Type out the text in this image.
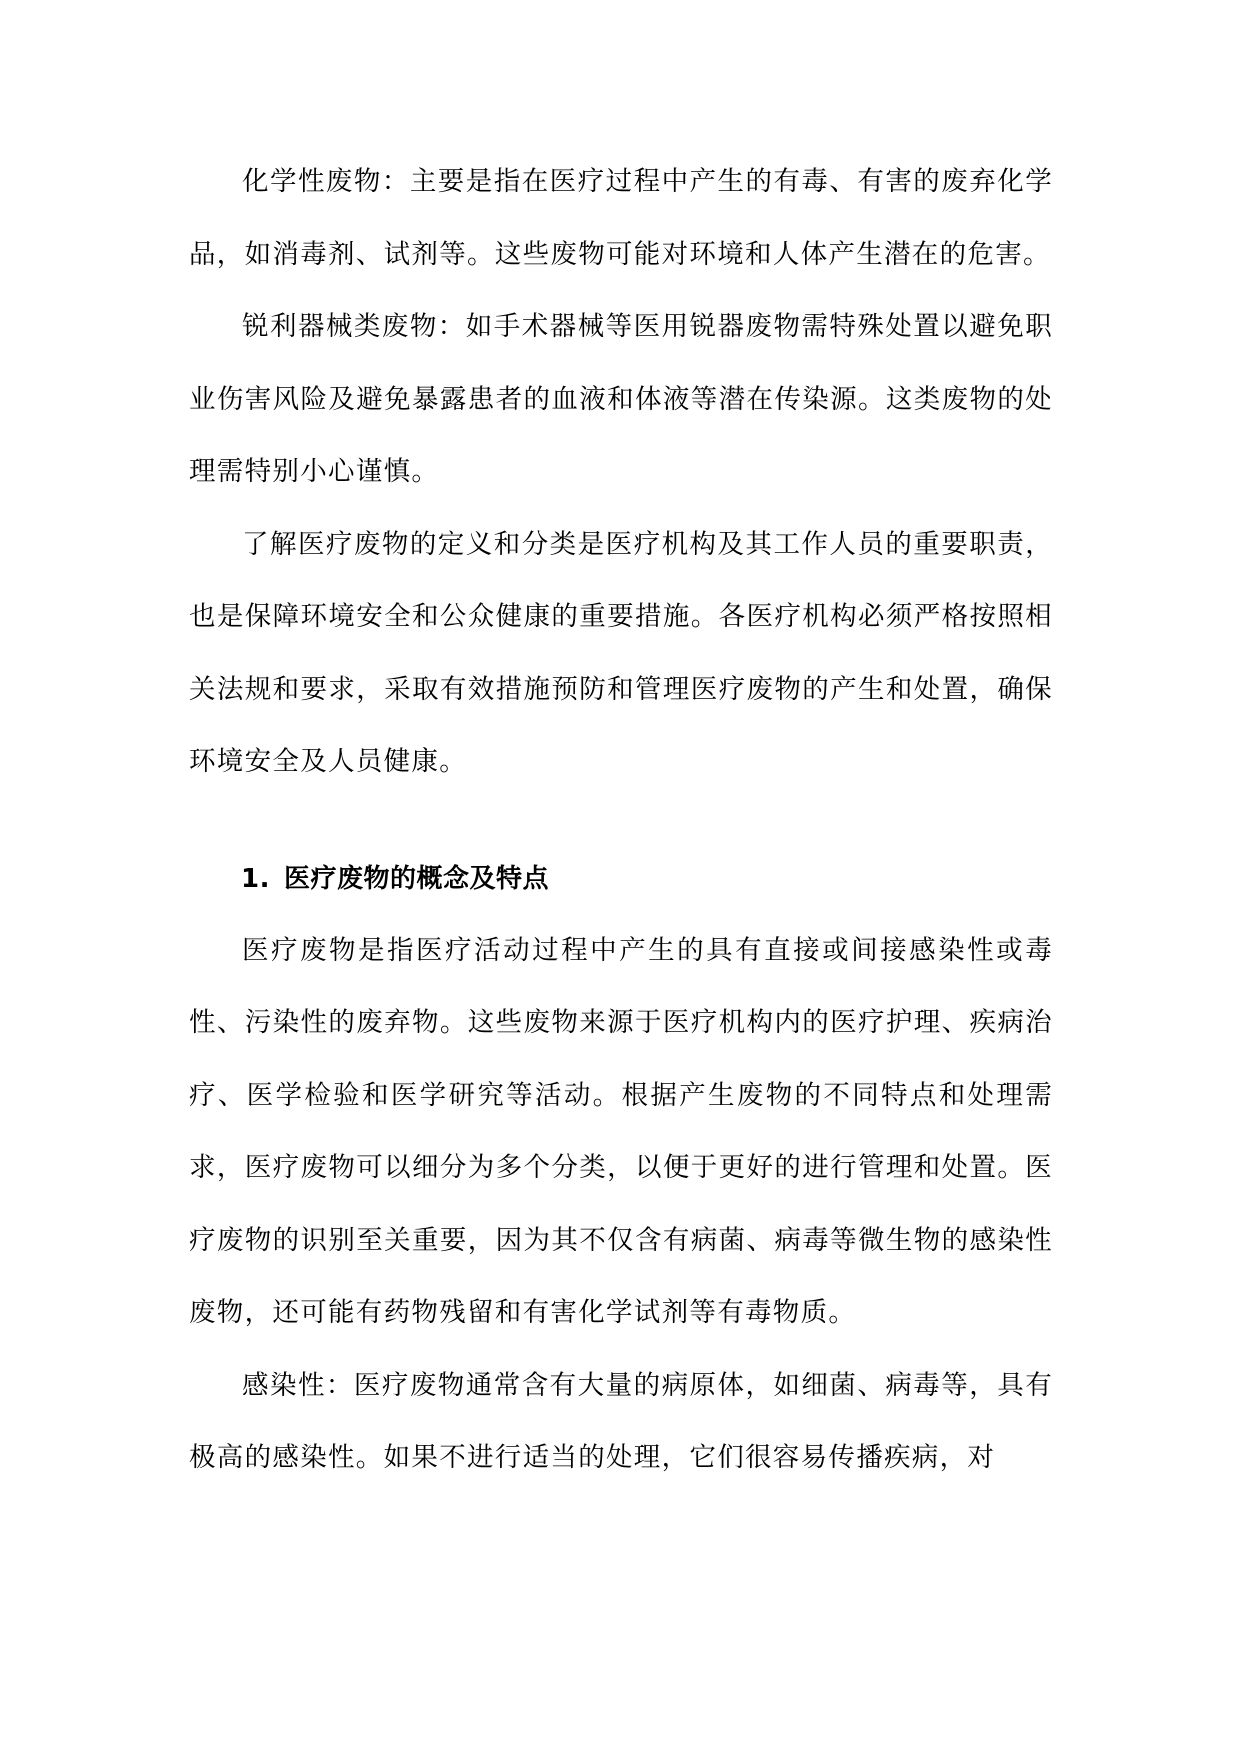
化学性废物：主要是指在医疗过程中产生的有毒、有害的废弃化学品，如消毒剂、试剂等。这些废物可能对环境和人体产生潜在的危害。

锐利器械类废物：如手术器械等医用锐器废物需特殊处置以避免职业伤害风险及避免暴露患者的血液和体液等潜在传染源。这类废物的处理需特别小心谨慎。

了解医疗废物的定义和分类是医疗机构及其工作人员的重要职责，也是保障环境安全和公众健康的重要措施。各医疗机构必须严格按照相关法规和要求，采取有效措施预防和管理医疗废物的产生和处置，确保环境安全及人员健康。

1. 医疗废物的概念及特点

医疗废物是指医疗活动过程中产生的具有直接或间接感染性或毒性、污染性的废弃物。这些废物来源于医疗机构内的医疗护理、疾病治疗、医学检验和医学研究等活动。根据产生废物的不同特点和处理需求，医疗废物可以细分为多个分类，以便于更好的进行管理和处置。医疗废物的识别至关重要，因为其不仅含有病菌、病毒等微生物的感染性废物，还可能有药物残留和有害化学试剂等有毒物质。

感染性：医疗废物通常含有大量的病原体，如细菌、病毒等，具有极高的感染性。如果不进行适当的处理，它们很容易传播疾病，对
